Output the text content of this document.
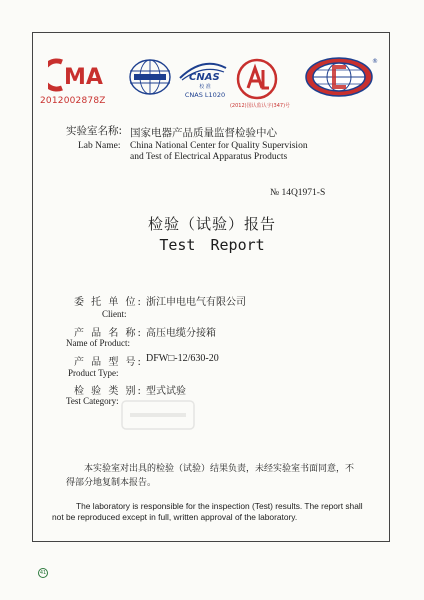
MA
2012002878Z
CNAS
校 准
CNAS L1020
(2012)国认监认字(347)号
®
实验室名称: 国家电器产品质量监督检验中心
Lab Name: China National Center for Quality Supervision
and Test of Electrical Apparatus Products
№ 14Q1971-S
检验（试验）报告
Test Report
委 托 单 位: 浙江申电电气有限公司
Client:
产 品 名 称: 高压电缆分接箱
Name of Product:
产 品 型 号: DFW□-12/630-20
Product Type:
检 验 类 别: 型式试验
Test Category:
本实验室对出具的检验（试验）结果负责，未经实验室书面同意，不得部分地复制本报告。
The laboratory is responsible for the inspection (Test) results. The report shall not be reproduced except in full, written approval of the laboratory.
41
